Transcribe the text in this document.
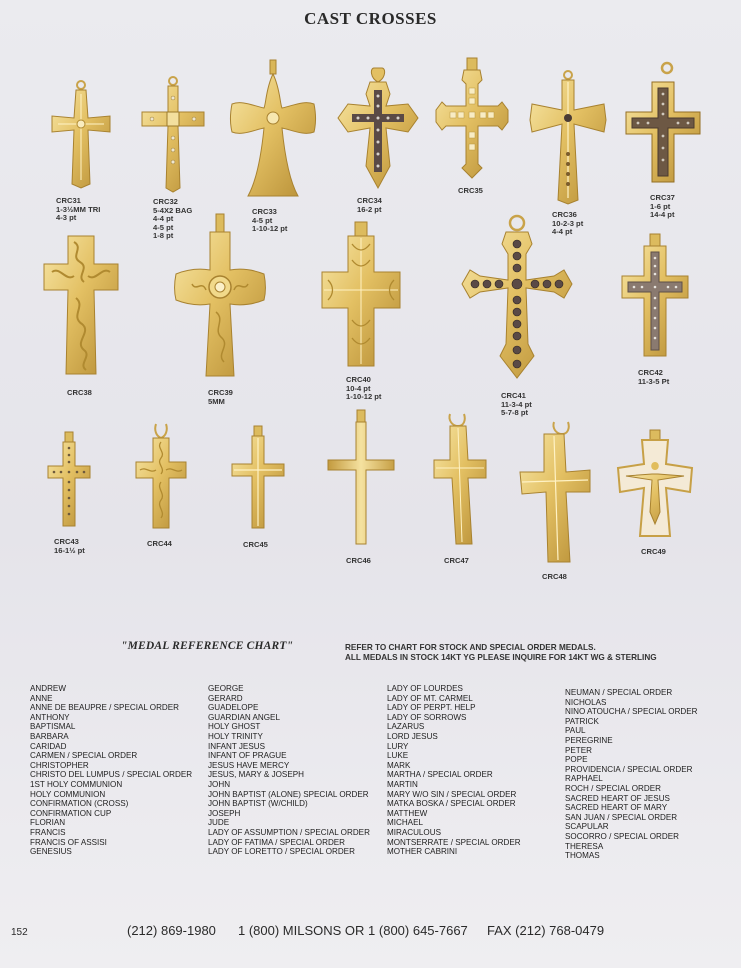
CAST CROSSES
CRC31
1-3½MM TRI
4-3 pt
CRC32
5-4X2 BAG
4-4 pt
4-5 pt
1-8 pt
CRC33
4-5 pt
1-10-12 pt
CRC34
16-2 pt
CRC35
CRC36
10-2-3 pt
4-4 pt
CRC37
1-6 pt
14-4 pt
CRC38	CRC39
5MM
CRC40
10-4 pt
1-10-12 pt	CRC41
11-3-4 pt
5-7-8 pt
CRC42
11-3-5 Pt
CRC43
16-1½ pt
CRC44	CRC45
CRC46	CRC47
CRC48
CRC49
"MEDAL REFERENCE CHART"	REFER TO CHART FOR STOCK AND SPECIAL ORDER MEDALS.
ALL MEDALS IN STOCK 14KT YG PLEASE INQUIRE FOR 14KT WG & STERLING
ANDREW
ANNE
ANNE DE BEAUPRE / SPECIAL ORDER
ANTHONY
BAPTISMAL
BARBARA
CARIDAD
CARMEN / SPECIAL ORDER
CHRISTOPHER
CHRISTO DEL LUMPUS / SPECIAL ORDER
1ST HOLY COMMUNION
HOLY COMMUNION
CONFIRMATION (CROSS)
CONFIRMATION CUP
FLORIAN
FRANCIS
FRANCIS OF ASSISI
GENESIUS
GEORGE
GERARD
GUADELOPE
GUARDIAN ANGEL
HOLY GHOST
HOLY TRINITY
INFANT JESUS
INFANT OF PRAGUE
JESUS HAVE MERCY
JESUS, MARY & JOSEPH
JOHN
JOHN BAPTIST (ALONE) SPECIAL ORDER
JOHN BAPTIST (W/CHILD)
JOSEPH
JUDE
LADY OF ASSUMPTION / SPECIAL ORDER
LADY OF FATIMA / SPECIAL ORDER
LADY OF LORETTO / SPECIAL ORDER
LADY OF LOURDES
LADY OF MT. CARMEL
LADY OF PERPT. HELP
LADY OF SORROWS
LAZARUS
LORD JESUS
LURY
LUKE
MARK
MARTHA / SPECIAL ORDER
MARTIN
MARY W/O SIN / SPECIAL ORDER
MATKA BOSKA / SPECIAL ORDER
MATTHEW
MICHAEL
MIRACULOUS
MONTSERRATE / SPECIAL ORDER
MOTHER CABRINI
NEUMAN / SPECIAL ORDER
NICHOLAS
NINO ATOUCHA / SPECIAL ORDER
PATRICK
PAUL
PEREGRINE
PETER
POPE
PROVIDENCIA / SPECIAL ORDER
RAPHAEL
ROCH / SPECIAL ORDER
SACRED HEART OF JESUS
SACRED HEART OF MARY
SAN JUAN / SPECIAL ORDER
SCAPULAR
SOCORRO / SPECIAL ORDER
THERESA
THOMAS
152	(212) 869-1980 1 (800) MILSONS OR 1 (800) 645-7667 FAX (212) 768-0479
